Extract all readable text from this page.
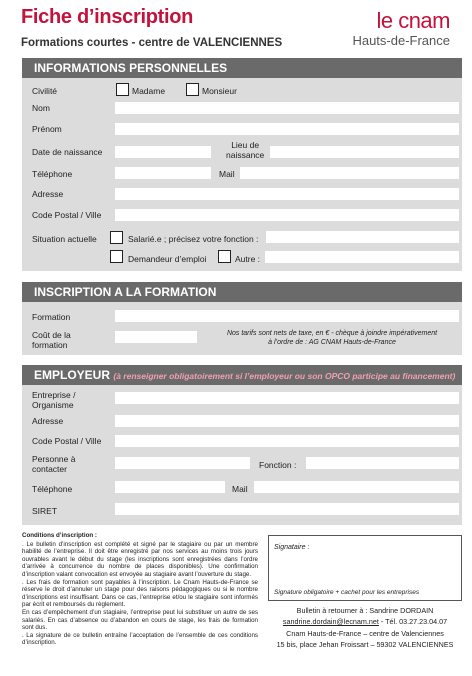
Fiche d’inscription
Formations courtes - centre de VALENCIENNES
le cnam
Hauts-de-France
INFORMATIONS PERSONNELLES
Civilité	Madame	Monsieur
Nom
Prénom
Date de naissance
Lieu de
naissance
Téléphone	Mail
Adresse
Code Postal / Ville
Situation actuelle	Salarié.e ; précisez votre fonction :
Demandeur d’emploi	Autre :
INSCRIPTION A LA FORMATION
Formation
Coût de la
formation
Nos tarifs sont nets de taxe, en € - chèque à joindre impérativement
à l’ordre de : AG CNAM Hauts-de-France
EMPLOYEUR (à renseigner obligatoirement si l’employeur ou son OPCO participe au financement)
Entreprise /
Organisme
Adresse
Code Postal / Ville
Personne à
contacter	Fonction :
Téléphone	Mail
SIRET

Conditions d’inscription :

. Le bulletin d’inscription est complété et signé par le stagiaire ou par un membre habilité de l’entreprise. Il doit être enregistré par nos services au moins trois jours ouvrables avant le début du stage (les inscriptions sont enregistrées dans l’ordre d’arrivée à concurrence du nombre de places disponibles). Une confirmation d’inscription valant convocation est envoyée au stagiaire avant l’ouverture du stage.

. Les frais de formation sont payables à l’inscription. Le Cnam Hauts-de-France se réserve le droit d’annuler un stage pour des raisons pédagogiques ou si le nombre d’inscriptions est insuffisant. Dans ce cas, l’entreprise et/ou le stagiaire sont informés par écrit et remboursés du règlement.

En cas d’empêchement d’un stagiaire, l’entreprise peut lui substituer un autre de ses salariés. En cas d’absence ou d’abandon en cours de stage, les frais de formation sont dus.

. La signature de ce bulletin entraîne l’acceptation de l’ensemble de ces conditions d’inscription.

Signataire :
Signature obligatoire + cachet pour les entreprises
Bulletin à retourner à : Sandrine DORDAIN
sandrine.dordain@lecnam.net - Tél. 03.27.23.04.07
Cnam Hauts-de-France – centre de Valenciennes
15 bis, place Jehan Froissart – 59302 VALENCIENNES
